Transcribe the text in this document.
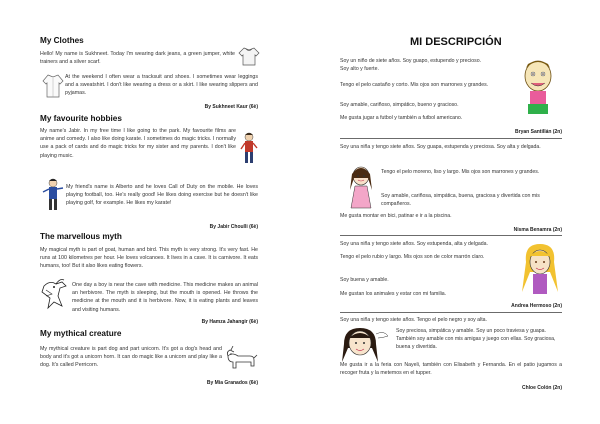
My Clothes
Hello! My name is Sukhneet. Today I'm wearing dark jeans, a green jumper, white trainers and a silver scarf.
At the weekend I often wear a tracksuit and shoes. I sometimes wear leggings and a sweatshirt. I don't like wearing a dress or a skirt. I like wearing slippers and pyjamas.
By Sukhneet Kaur (6è)
My favourite hobbies
My name's Jabir. In my free time I like going to the park. My favourite films are anime and comedy. I also like doing karate. I sometimes do magic tricks. I normally use a pack of cards and do magic tricks for my sister and my parents. I don't like playing music.
My friend's name is Alberto and he loves Call of Duty on the mobile. He loves playing football, too. He's really good! He likes doing exercise but he doesn't like playing golf, for example. He likes my karate!
By Jabir Choulli (6è)
The marvellous myth
My magical myth is part of goat, human and bird. This myth is very strong. It's very fast. He runs at 100 kilometres per hour. He loves volcanoes. It lives in a cave. It is carnivore. It eats humans, too! But it also likes eating flowers.
One day a boy is near the cave with medicine. This medicine makes an animal an herbivore. The myth is sleeping, but the mouth is opened. He throws the medicine at the mouth and it is herbivore. Now, it is eating plants and leaves and visiting humans.
By Hamza Jahangir (6è)
My mythical creature
My mythical creature is part dog and part unicorn. It's got a dog's head and body and it's got a unicorn horn. It can do magic like a unicorn and play like a dog. It's called Perricorn.
By Mia Granados (6è)
MI DESCRIPCIÓN
Soy un niño de siete años. Soy guapo, estupendo y precioso. Soy alto y fuerte.
Tengo el pelo castaño y corto. Mis ojos son marrones y grandes.
Soy amable, cariñoso, simpático, bueno y gracioso.
Me gusta jugar a futbol y también a futbol americano.
Bryan Santillán (2n)
Soy una niña y tengo siete años. Soy guapa, estupenda y preciosa. Soy alta y delgada.
Tengo el pelo moreno, liso y largo. Mis ojos son marrones y grandes.
Soy amable, cariñosa, simpática, buena, graciosa y divertida con mis compañeros.
Me gusta montar en bici, patinar e ir a la piscina.
Nisma Benamra (2n)
Soy una niña y tengo siete años. Soy estupenda, alta y delgada.
Tengo el pelo rubio y largo. Mis ojos son de color marrón claro.
Soy buena y amable.
Me gustan los animales y estar con mi familia.
Andrea Hermoso (2n)
Soy una niña y tengo siete años. Tengo el pelo negro y soy alta.
Soy preciosa, simpática y amable. Soy un poco traviesa y guapa. También soy amable con mis amigas y juego con ellas. Soy graciosa, buena y divertida.
Me gusta ir a la feria con Nayeli, también con Elisabeth y Fernanda. En el patio jugamos a recoger fruta y la metemos en el tupper.
Chloe Colón (2n)
